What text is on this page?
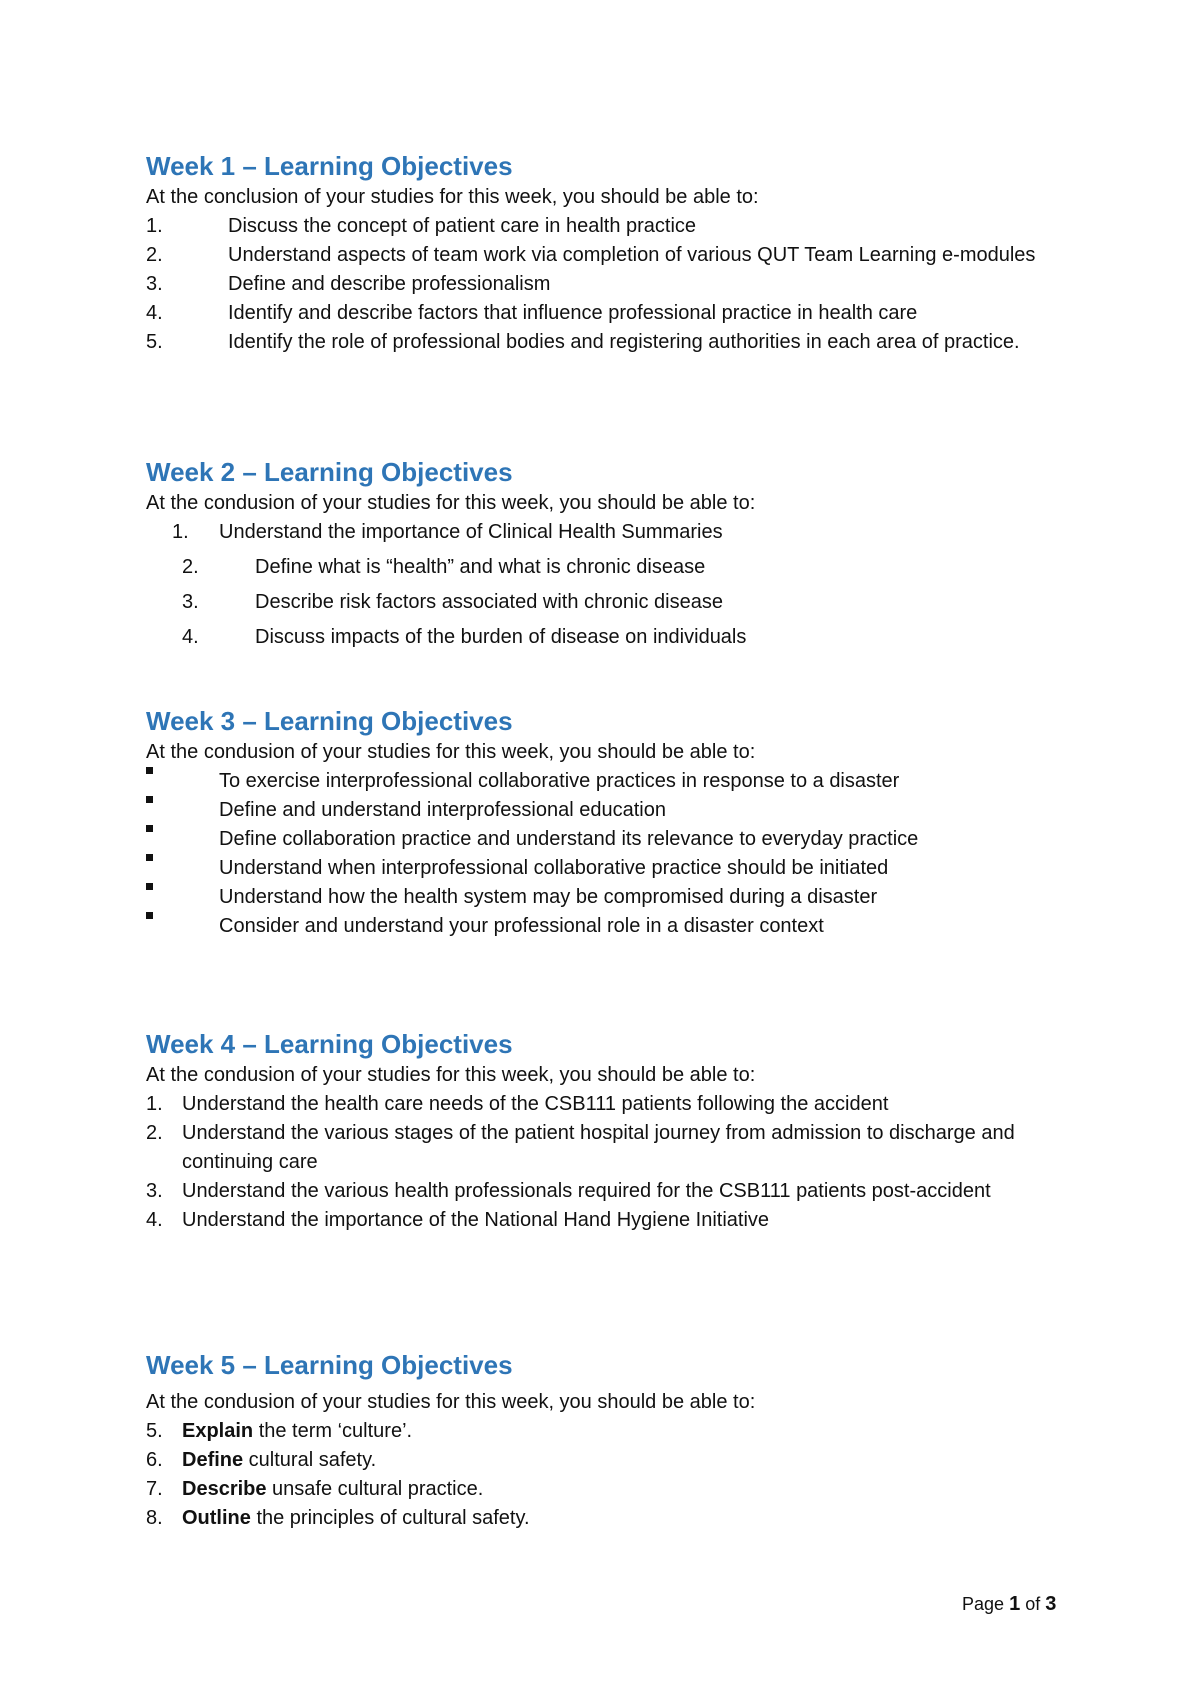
Week 1 – Learning Objectives

At the conclusion of your studies for this week, you should be able to:

1.	Discuss the concept of patient care in health practice
2.	Understand aspects of team work via completion of various QUT Team Learning e-modules
3.	Define and describe professionalism
4.	Identify and describe factors that influence professional practice in health care
5.	Identify the role of professional bodies and registering authorities in each area of practice.
Week 2 – Learning Objectives

At the condusion of your studies for this week, you should be able to:

1. Understand the importance of Clinical Health Summaries
2.	Define what is “health” and what is chronic disease
3.	Describe risk factors associated with chronic disease
4.	Discuss impacts of the burden of disease on individuals
Week 3 – Learning Objectives

At the condusion of your studies for this week, you should be able to:

To exercise interprofessional collaborative practices in response to a disaster
Define and understand interprofessional education
Define collaboration practice and understand its relevance to everyday practice
Understand when interprofessional collaborative practice should be initiated
Understand how the health system may be compromised during a disaster
Consider and understand your professional role in a disaster context
Week 4 – Learning Objectives

At the condusion of your studies for this week, you should be able to:

1. Understand the health care needs of the CSB111 patients following the accident
2. Understand the various stages of the patient hospital journey from admission to discharge and continuing care
3. Understand the various health professionals required for the CSB111 patients post-accident
4. Understand the importance of the National Hand Hygiene Initiative
Week 5 – Learning Objectives

At the condusion of your studies for this week, you should be able to:

5. Explain the term ‘culture’.
6. Define cultural safety.
7. Describe unsafe cultural practice.
8. Outline the principles of cultural safety.
Page 1 of 3
